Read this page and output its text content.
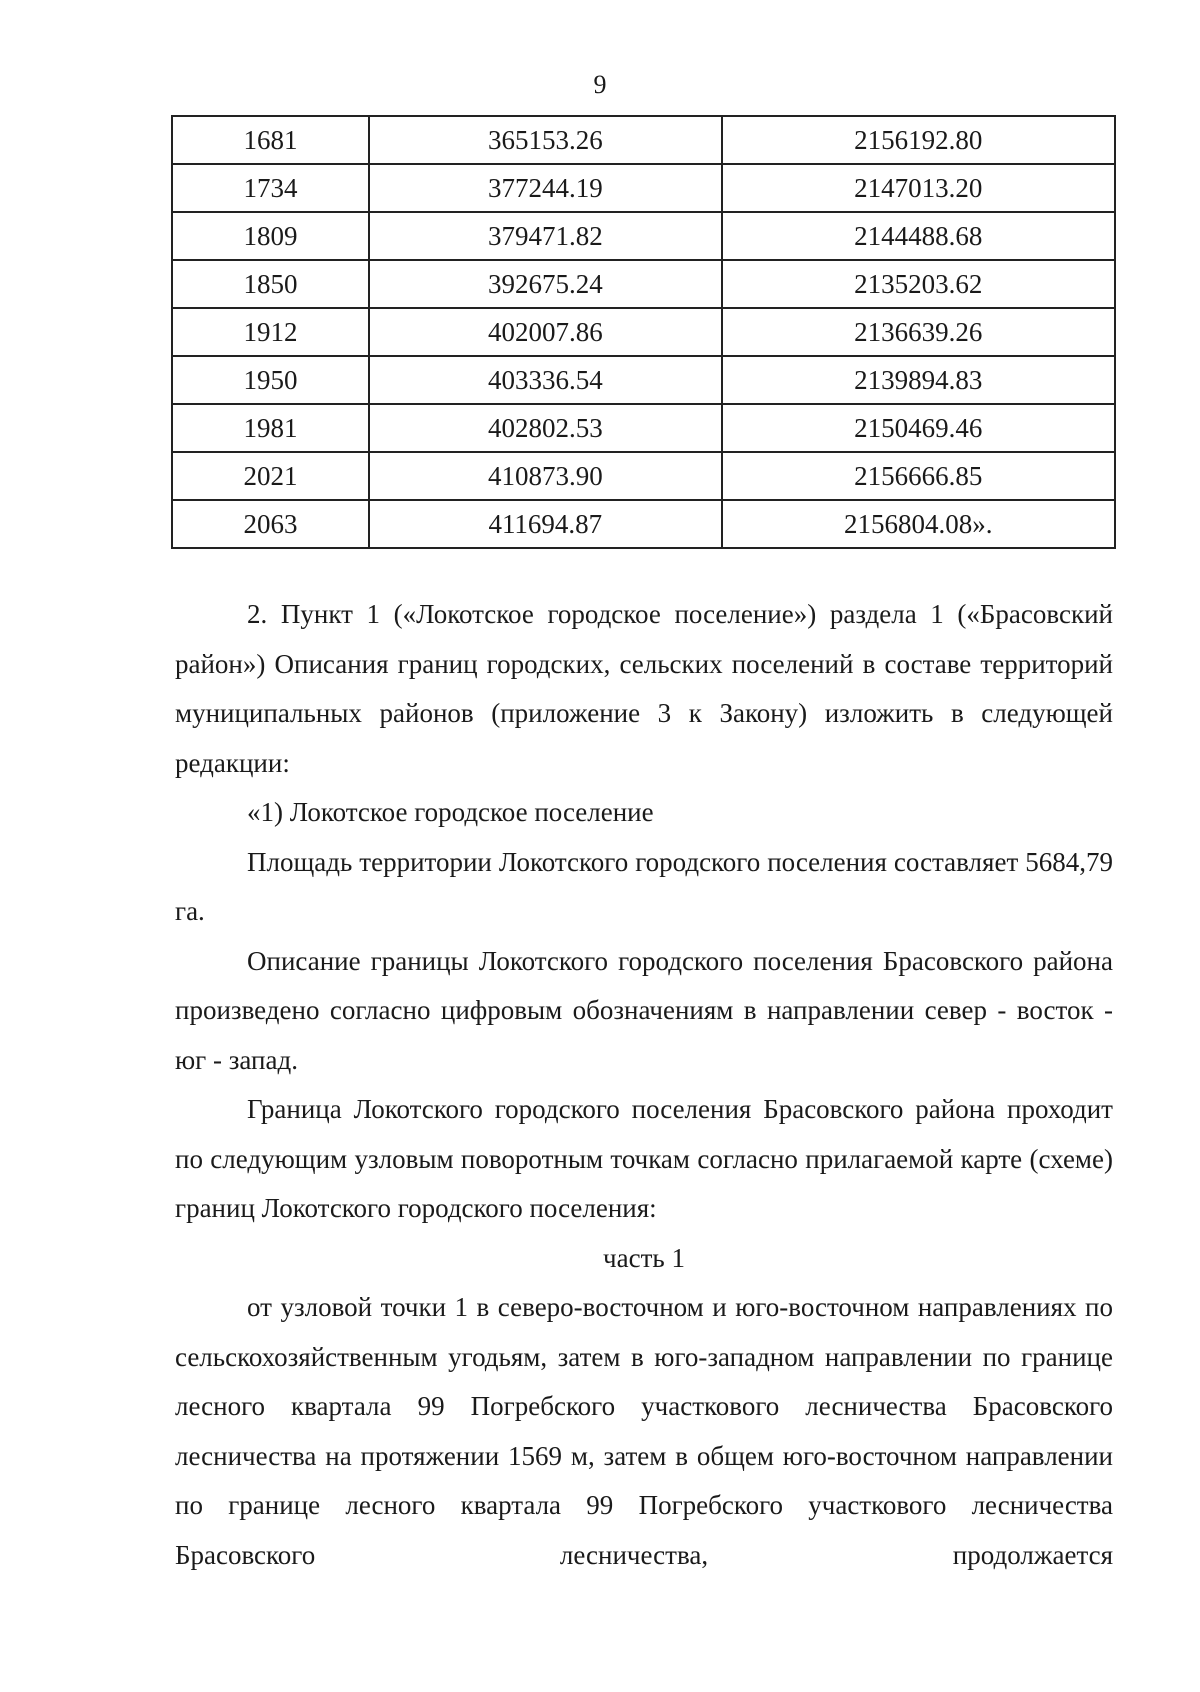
9
1681	365153.26	2156192.80
1734	377244.19	2147013.20
1809	379471.82	2144488.68
1850	392675.24	2135203.62
1912	402007.86	2136639.26
1950	403336.54	2139894.83
1981	402802.53	2150469.46
2021	410873.90	2156666.85
2063	411694.87	2156804.08».

2. Пункт 1 («Локотское городское поселение») раздела 1 («Брасовский район») Описания границ городских, сельских поселений в составе территорий муниципальных районов (приложение 3 к Закону) изложить в следующей редакции:

«1) Локотское городское поселение

Площадь территории Локотского городского поселения составляет 5684,79 га.

Описание границы Локотского городского поселения Брасовского района произведено согласно цифровым обозначениям в направлении север - восток - юг - запад.

Граница Локотского городского поселения Брасовского района проходит по следующим узловым поворотным точкам согласно прилагаемой карте (схеме) границ Локотского городского поселения:

часть 1

от узловой точки 1 в северо-восточном и юго-восточном направлениях по сельскохозяйственным угодьям, затем в юго-западном направлении по границе лесного квартала 99 Погребского участкового лесничества Брасовского лесничества на протяжении 1569 м, затем в общем юго-восточном направлении по границе лесного квартала 99 Погребского участкового лесничества Брасовского лесничества, продолжается
